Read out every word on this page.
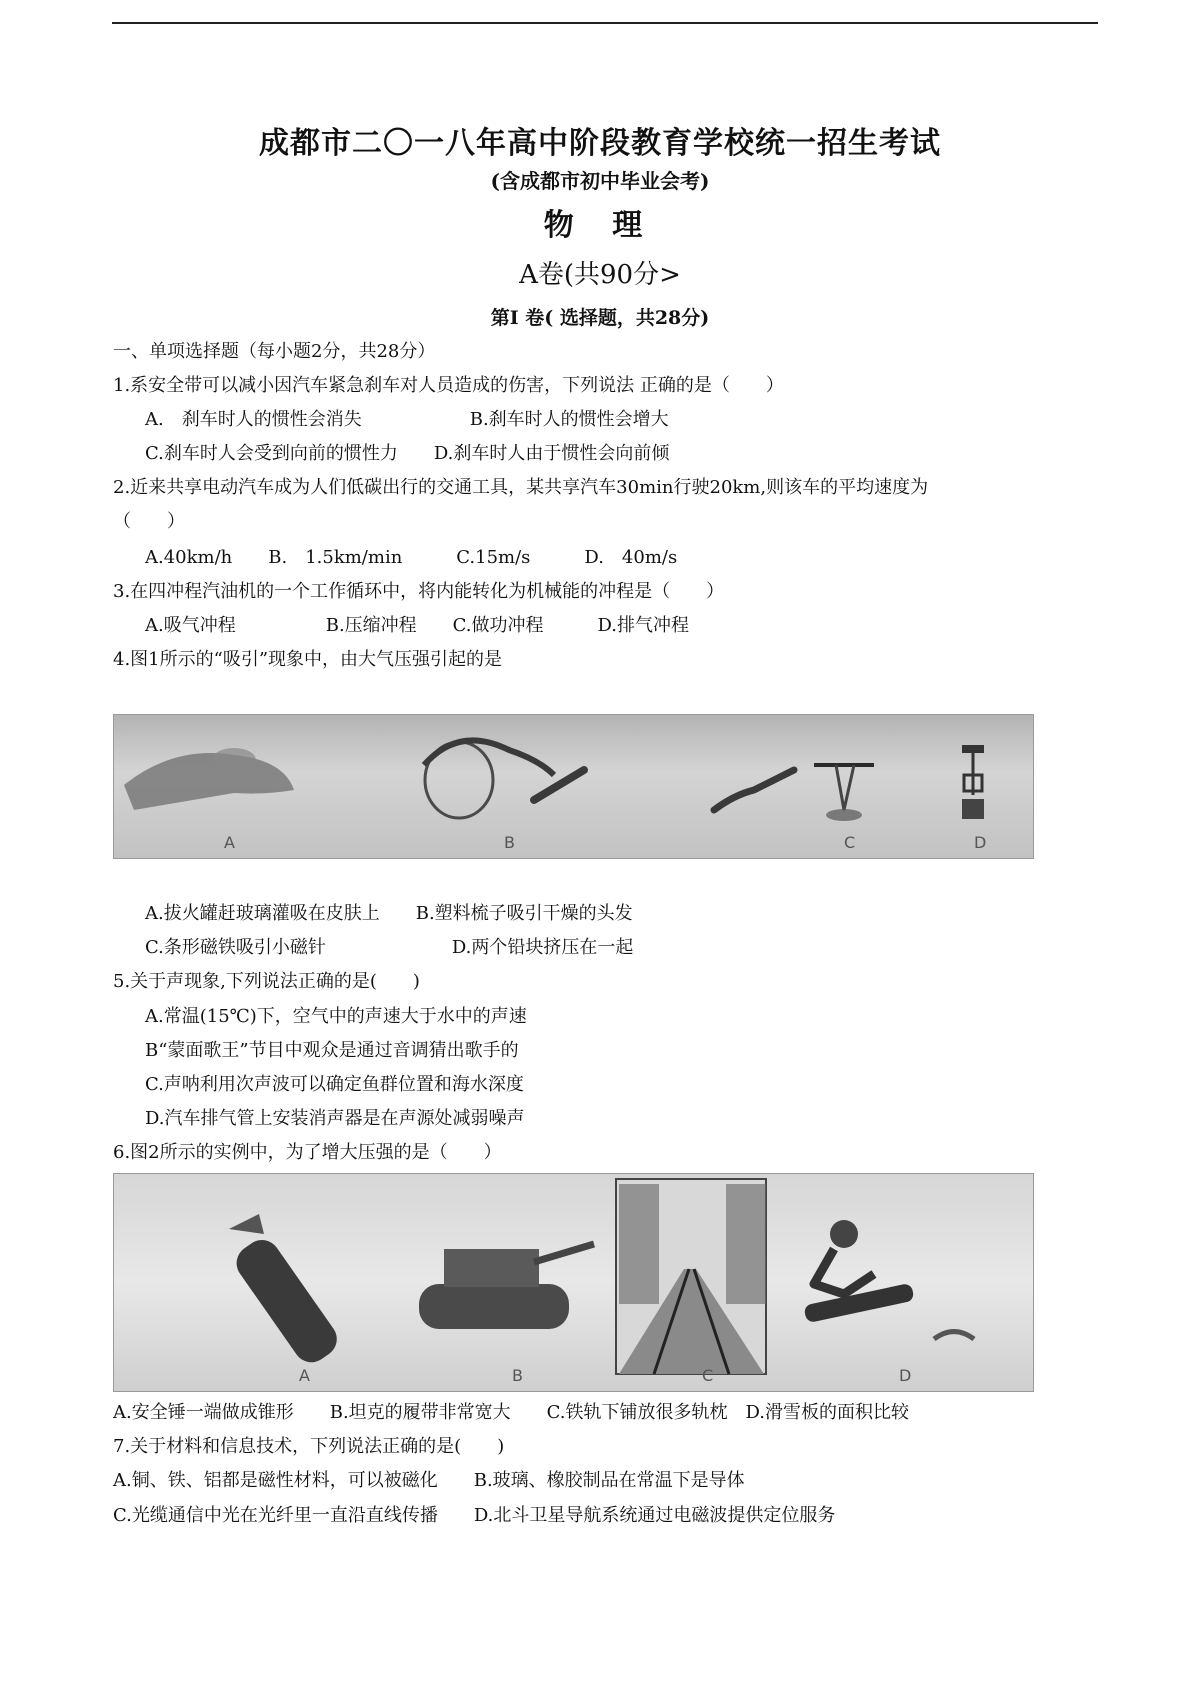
成都市二〇一八年高中阶段教育学校统一招生考试
(含成都市初中毕业会考)
物 理
A卷(共90分>
第I 卷( 选择题，共28分)
一、单项选择题（每小题2分，共28分）
1.系安全带可以减小因汽车紧急刹车对人员造成的伤害，下列说法 正确的是（　　）
A.　刹车时人的惯性会消失　　　　　　B.刹车时人的惯性会增大
C.刹车时人会受到向前的惯性力　　D.刹车时人由于惯性会向前倾
2.近来共享电动汽车成为人们低碳出行的交通工具，某共享汽车30min行驶20km,则该车的平均速度为
（　　）
A.40km/h　　B.　1.5km/min　　　C.15m/s　　　D.　40m/s
3.在四冲程汽油机的一个工作循环中，将内能转化为机械能的冲程是（　　）
A.吸气冲程　　　　　B.压缩冲程　　C.做功冲程　　　D.排气冲程
4.图1所示的“吸引”现象中，由大气压强引起的是
A	B	C	D
A.拔火罐赶玻璃灌吸在皮肤上　　B.塑料梳子吸引干燥的头发
C.条形磁铁吸引小磁针　　　　　　　D.两个铅块挤压在一起
5.关于声现象,下列说法正确的是(　　)
A.常温(15℃)下，空气中的声速大于水中的声速
B“蒙面歌王”节目中观众是通过音调猜出歌手的
C.声呐利用次声波可以确定鱼群位置和海水深度
D.汽车排气管上安装消声器是在声源处减弱噪声
6.图2所示的实例中，为了增大压强的是（　　）
A	B	C	D
A.安全锤一端做成锥形　　B.坦克的履带非常宽大　　C.铁轨下铺放很多轨枕　D.滑雪板的面积比较
7.关于材料和信息技术，下列说法正确的是(　　)
A.铜、铁、铝都是磁性材料，可以被磁化　　B.玻璃、橡胶制品在常温下是导体
C.光缆通信中光在光纤里一直沿直线传播　　D.北斗卫星导航系统通过电磁波提供定位服务
